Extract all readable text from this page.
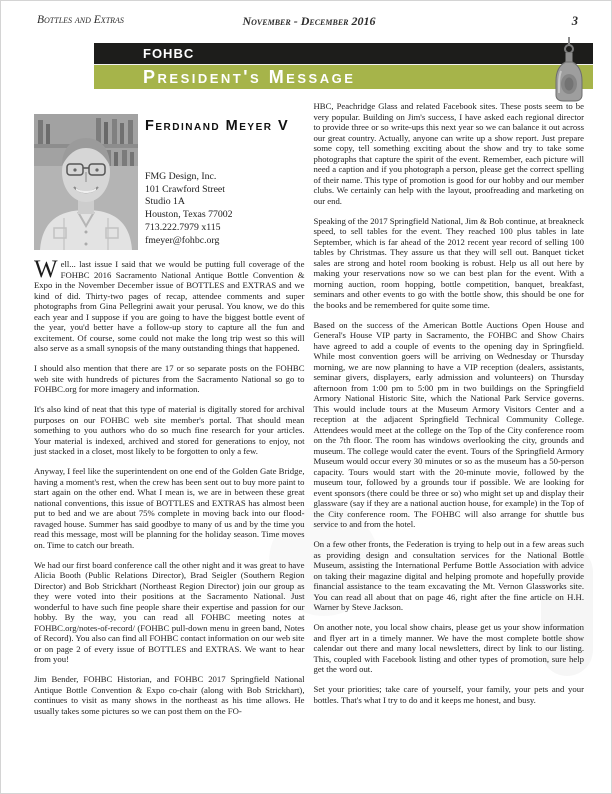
Bottles and Extras	November - December 2016	3
FOHBC
President's Message
Ferdinand Meyer V
FMG Design, Inc.
101 Crawford Street
Studio 1A
Houston, Texas 77002
713.222.7979 x115
fmeyer@fohbc.org

Well... last issue I said that we would be putting full coverage of the FOHBC 2016 Sacramento National Antique Bottle Convention & Expo in the November December issue of BOTTLES and EXTRAS and we kind of did. Thirty-two pages of recap, attendee comments and super photographs from Gina Pellegrini await your perusal. You know, we do this each year and I suppose if you are going to have the biggest bottle event of the year, you'd better have a follow-up story to capture all the fun and excitement. Of course, some could not make the long trip west so this will also serve as a small synopsis of the many outstanding things that happened.

I should also mention that there are 17 or so separate posts on the FOHBC web site with hundreds of pictures from the Sacramento National so go to FOHBC.org for more imagery and information.

It's also kind of neat that this type of material is digitally stored for archival purposes on our FOHBC web site member's portal. That should mean something to you authors who do so much fine research for your articles. Your material is indexed, archived and stored for generations to enjoy, not just stacked in a closet, most likely to be forgotten to only a few.

Anyway, I feel like the superintendent on one end of the Golden Gate Bridge, having a moment's rest, when the crew has been sent out to buy more paint to start again on the other end. What I mean is, we are in between these great national conventions, this issue of BOTTLES and EXTRAS has almost been put to bed and we are about 75% complete in moving back into our flood-ravaged house. Summer has said goodbye to many of us and by the time you read this message, most will be planning for the holiday season. Time moves on. Time to catch our breath.

We had our first board conference call the other night and it was great to have Alicia Booth (Public Relations Director), Brad Seigler (Southern Region Director) and Bob Strickhart (Northeast Region Director) join our group as they were voted into their positions at the Sacramento National. Just wonderful to have such fine people share their expertise and passion for our hobby. By the way, you can read all FOHBC meeting notes at FOHBC.org/notes-of-record/ (FOHBC pull-down menu in green band, Notes of Record). You also can find all FOHBC contact information on our web site or on page 2 of every issue of BOTTLES and EXTRAS. We want to hear from you!

Jim Bender, FOHBC Historian, and FOHBC 2017 Springfield National Antique Bottle Convention & Expo co-chair (along with Bob Strickhart), continues to visit as many shows in the northeast as his time allows. He usually takes some pictures so we can post them on the FO-

HBC, Peachridge Glass and related Facebook sites. These posts seem to be very popular. Building on Jim's success, I have asked each regional director to provide three or so write-ups this next year so we can balance it out across our great country. Actually, anyone can write up a show report. Just prepare some copy, tell something exciting about the show and try to take some photographs that capture the spirit of the event. Remember, each picture will need a caption and if you photograph a person, please get the correct spelling of their name. This type of promotion is good for our hobby and our member clubs. We certainly can help with the layout, proofreading and marketing on our end.

Speaking of the 2017 Springfield National, Jim & Bob continue, at breakneck speed, to sell tables for the event. They reached 100 plus tables in late September, which is far ahead of the 2012 recent year record of selling 100 tables by Christmas. They assure us that they will sell out. Banquet ticket sales are strong and hotel room booking is robust. Help us all out here by making your reservations now so we can best plan for the event. With a morning auction, room hopping, bottle competition, banquet, breakfast, seminars and other events to go with the bottle show, this should be one for the books and be remembered for quite some time.

Based on the success of the American Bottle Auctions Open House and General's House VIP party in Sacramento, the FOHBC and Show Chairs have agreed to add a couple of events to the opening day in Springfield. While most convention goers will be arriving on Wednesday or Thursday morning, we are now planning to have a VIP reception (dealers, assistants, seminar givers, displayers, early admission and volunteers) on Thursday afternoon from 1:00 pm to 5:00 pm in two buildings on the Springfield Armory National Historic Site, which the National Park Service governs. This would include tours at the Museum Armory Visitors Center and a reception at the adjacent Springfield Technical Community College. Attendees would meet at the college on the Top of the City conference room on the 7th floor. The room has windows overlooking the city, grounds and museum. The college would cater the event. Tours of the Springfield Armory Museum would occur every 30 minutes or so as the museum has a 50-person capacity. Tours would start with the 20-minute movie, followed by the museum tour, followed by a grounds tour if possible. We are looking for event sponsors (there could be three or so) who might set up and display their glassware (say if they are a national auction house, for example) in the Top of the City conference room. The FOHBC will also arrange for shuttle bus service to and from the hotel.

On a few other fronts, the Federation is trying to help out in a few areas such as providing design and consultation services for the National Bottle Museum, assisting the International Perfume Bottle Association with advice on taking their magazine digital and helping promote and hopefully provide financial assistance to the team excavating the Mt. Vernon Glassworks site. You can read all about that on page 46, right after the fine article on H.H. Warner by Steve Jackson.

On another note, you local show chairs, please get us your show information and flyer art in a timely manner. We have the most complete bottle show calendar out there and many local newsletters, direct by link to our listing. This, coupled with Facebook listing and other types of promotion, sure help get the word out.

Set your priorities; take care of yourself, your family, your pets and your bottles. That's what I try to do and it keeps me honest, and busy.
